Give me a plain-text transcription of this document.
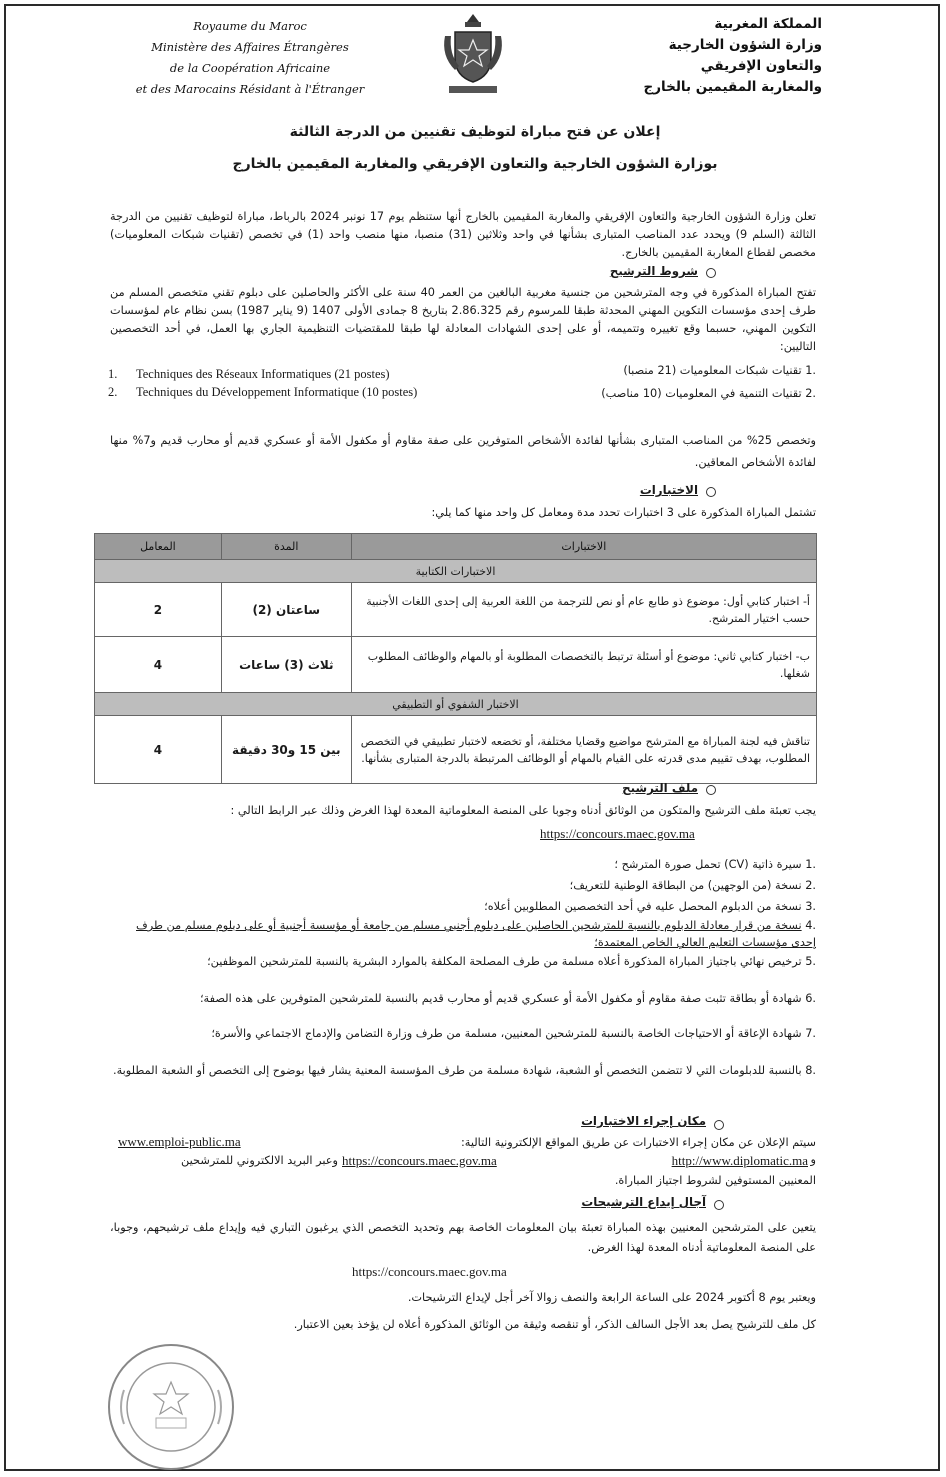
Royaume du Maroc
Ministère des Affaires Étrangères
de la Coopération Africaine
et des Marocains Résidant à l'Étranger
المملكة المغربية
وزارة الشؤون الخارجية
والتعاون الإفريقي
والمغاربة المقيمين بالخارج
إعلان عن فتح مباراة لتوظيف تقنيين من الدرجة الثالثة
بوزارة الشؤون الخارجية والتعاون الإفريقي والمغاربة المقيمين بالخارج
تعلن وزارة الشؤون الخارجية والتعاون الإفريقي والمغاربة المقيمين بالخارج أنها ستنظم يوم 17 نونبر 2024 بالرباط، مباراة لتوظيف تقنيين من الدرجة الثالثة (السلم 9) ويحدد عدد المناصب المتبارى بشأنها في واحد وثلاثين (31) منصبا، منها منصب واحد (1) في تخصص (تقنيات شبكات المعلوميات) مخصص لقطاع المغاربة المقيمين بالخارج.
شروط الترشيح
تفتح المباراة المذكورة في وجه المترشحين من جنسية مغربية البالغين من العمر 40 سنة على الأكثر والحاصلين على دبلوم تقني متخصص المسلم من طرف إحدى مؤسسات التكوين المهني المحدثة طبقا للمرسوم رقم 2.86.325 بتاريخ 8 جمادى الأولى 1407 (9 يناير 1987) بسن نظام عام لمؤسسات التكوين المهني، حسبما وقع تغييره وتتميمه، أو على إحدى الشهادات المعادلة لها طبقا للمقتضيات التنظيمية الجاري بها العمل، في أحد التخصصين التاليين:
.1 تقنيات شبكات المعلوميات (21 منصبا)
.2 تقنيات التنمية في المعلوميات (10 مناصب)
1. Techniques des Réseaux Informatiques (21 postes)
2.	Techniques du Développement Informatique (10 postes)
وتخصص 25% من المناصب المتبارى بشأنها لفائدة الأشخاص المتوفرين على صفة مقاوم أو مكفول الأمة أو عسكري قديم أو محارب قديم و7% منها لفائدة الأشخاص المعاقين.
الاختبارات
تشتمل المباراة المذكورة على 3 اختبارات تحدد مدة ومعامل كل واحد منها كما يلي:
الاختبارات	المدة	المعامل
الاختبارات الكتابية		
أ- اختبار كتابي أول: موضوع ذو طابع عام أو نص للترجمة من اللغة العربية إلى إحدى اللغات الأجنبية حسب اختيار المترشح.	ساعتان (2)	2
ب- اختبار كتابي ثاني: موضوع أو أسئلة ترتبط بالتخصصات المطلوبة أو بالمهام والوظائف المطلوب شغلها.	ثلاث (3) ساعات	4
الاختبار الشفوي أو التطبيقي		
تناقش فيه لجنة المباراة مع المترشح مواضيع وقضايا مختلفة، أو تخضعه لاختبار تطبيقي في التخصص المطلوب، بهدف تقييم مدى قدرته على القيام بالمهام أو الوظائف المرتبطة بالدرجة المتبارى بشأنها.	بين 15 و30 دقيقة	4
ملف الترشيح
يجب تعبئة ملف الترشيح والمتكون من الوثائق أدناه وجوبا على المنصة المعلوماتية المعدة لهذا الغرض وذلك عبر الرابط التالي :
https://concours.maec.gov.ma
.1 سيرة ذاتية (CV) تحمل صورة المترشح ؛
.2 نسخة (من الوجهين) من البطاقة الوطنية للتعريف؛
.3 نسخة من الدبلوم المحصل عليه في أحد التخصصين المطلوبين أعلاه؛
.4 نسخة من قرار معادلة الدبلوم بالنسبة للمترشحين الحاصلين على دبلوم أجنبي مسلم من جامعة أو مؤسسة أجنبية أو على دبلوم مسلم من طرف إحدى مؤسسات التعليم العالي الخاص المعتمدة؛
.5 ترخيص نهائي باجتياز المباراة المذكورة أعلاه مسلمة من طرف المصلحة المكلفة بالموارد البشرية بالنسبة للمترشحين الموظفين؛
.6 شهادة أو بطاقة تثبت صفة مقاوم أو مكفول الأمة أو عسكري قديم أو محارب قديم بالنسبة للمترشحين المتوفرين على هذه الصفة؛
.7 شهادة الإعاقة أو الاحتياجات الخاصة بالنسبة للمترشحين المعنيين، مسلمة من طرف وزارة التضامن والإدماج الاجتماعي والأسرة؛
.8 بالنسبة للدبلومات التي لا تتضمن التخصص أو الشعبة، شهادة مسلمة من طرف المؤسسة المعنية يشار فيها بوضوح إلى التخصص أو الشعبة المطلوبة.
مكان إجراء الاختبارات
سيتم الإعلان عن مكان إجراء الاختبارات عن طريق المواقع الإلكترونية التالية:
www.emploi-public.ma
http://www.diplomatic.ma و
https://concours.maec.gov.ma
وعبر البريد الالكتروني للمترشحين
المعنيين المستوفين لشروط اجتياز المباراة.
آجال إيداع الترشيحات
يتعين على المترشحين المعنيين بهذه المباراة تعبئة بيان المعلومات الخاصة بهم وتحديد التخصص الذي يرغبون التباري فيه وإيداع ملف ترشيحهم، وجوبا، على المنصة المعلوماتية أدناه المعدة لهذا الغرض.
https://concours.maec.gov.ma
ويعتبر يوم 8 أكتوبر 2024 على الساعة الرابعة والنصف زوالا آخر أجل لإيداع الترشيحات.
كل ملف للترشيح يصل بعد الأجل السالف الذكر، أو تنقصه وثيقة من الوثائق المذكورة أعلاه لن يؤخذ بعين الاعتبار.
